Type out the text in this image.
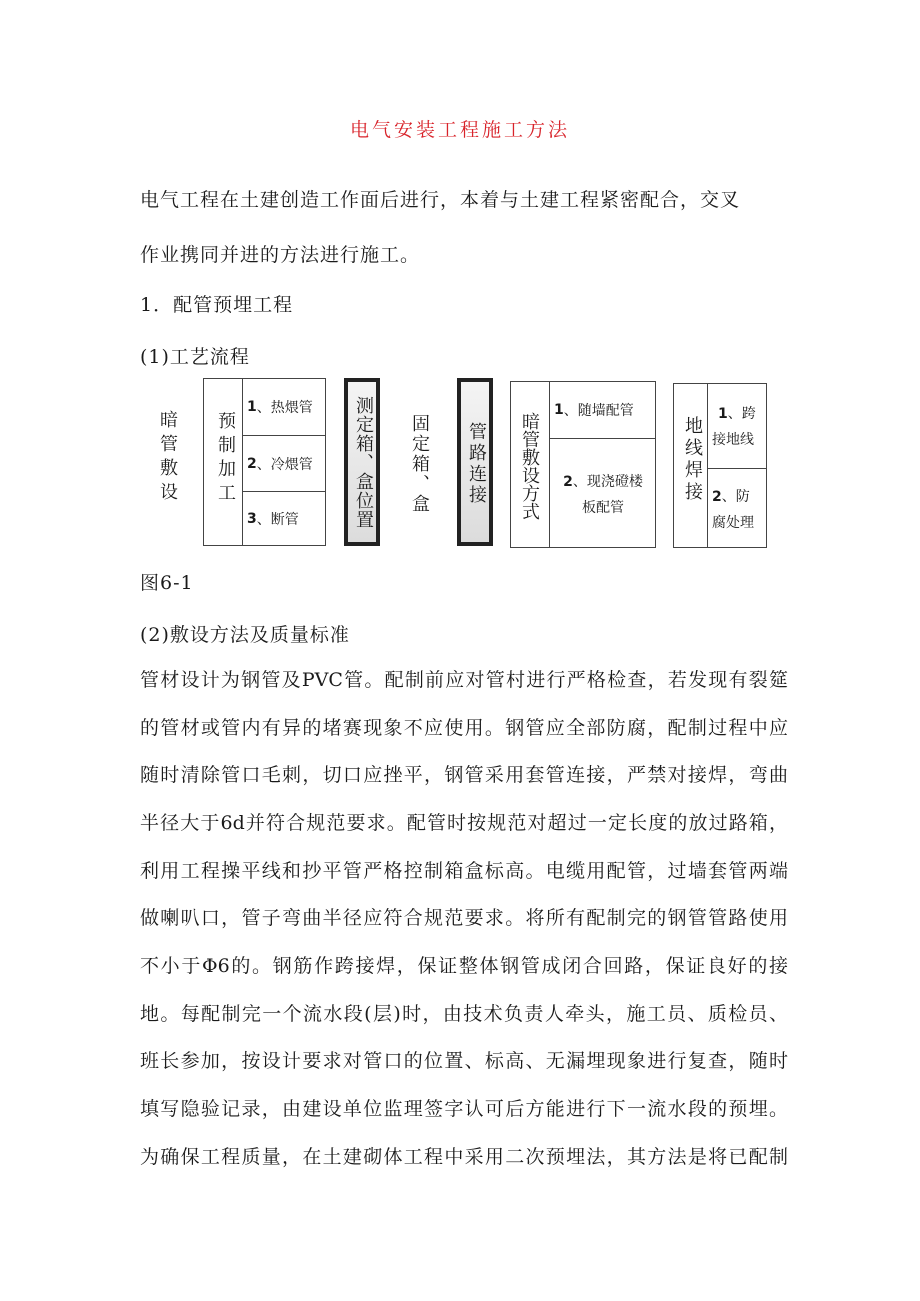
电气安装工程施工方法
电气工程在土建创造工作面后进行，本着与土建工程紧密配合，交叉
作业携同并进的方法进行施工。
1．配管预埋工程
(1)工艺流程
暗管敷设 预制加工
1 、热煨管
2 、冷煨管
3 、断管	测定箱、盒位置 固定箱、盒 管路连接 暗管敷设方式
1 、随墙配管
2、现浇磴楼
板配管
地线焊接
1、跨
接地线
2、防
腐处理
图6-1
(2)敷设方法及质量标准
管材设计为钢管及PVC管。配制前应对管村进行严格检查，若发现有裂筵
的管材或管内有异的堵赛现象不应使用。钢管应全部防腐，配制过程中应
随时清除管口毛刺，切口应挫平，钢管采用套管连接，严禁对接焊，弯曲
半径大于6d并符合规范要求。配管时按规范对超过一定长度的放过路箱，
利用工程操平线和抄平管严格控制箱盒标高。电缆用配管，过墙套管两端
做喇叭口，管子弯曲半径应符合规范要求。将所有配制完的钢管管路使用
不小于Φ6的。钢筋作跨接焊，保证整体钢管成闭合回路，保证良好的接
地。每配制完一个流水段(层)时，由技术负责人牵头，施工员、质检员、
班长参加，按设计要求对管口的位置、标高、无漏埋现象进行复查，随时
填写隐验记录，由建设单位监理签字认可后方能进行下一流水段的预埋。
为确保工程质量，在土建砌体工程中采用二次预埋法，其方法是将已配制
